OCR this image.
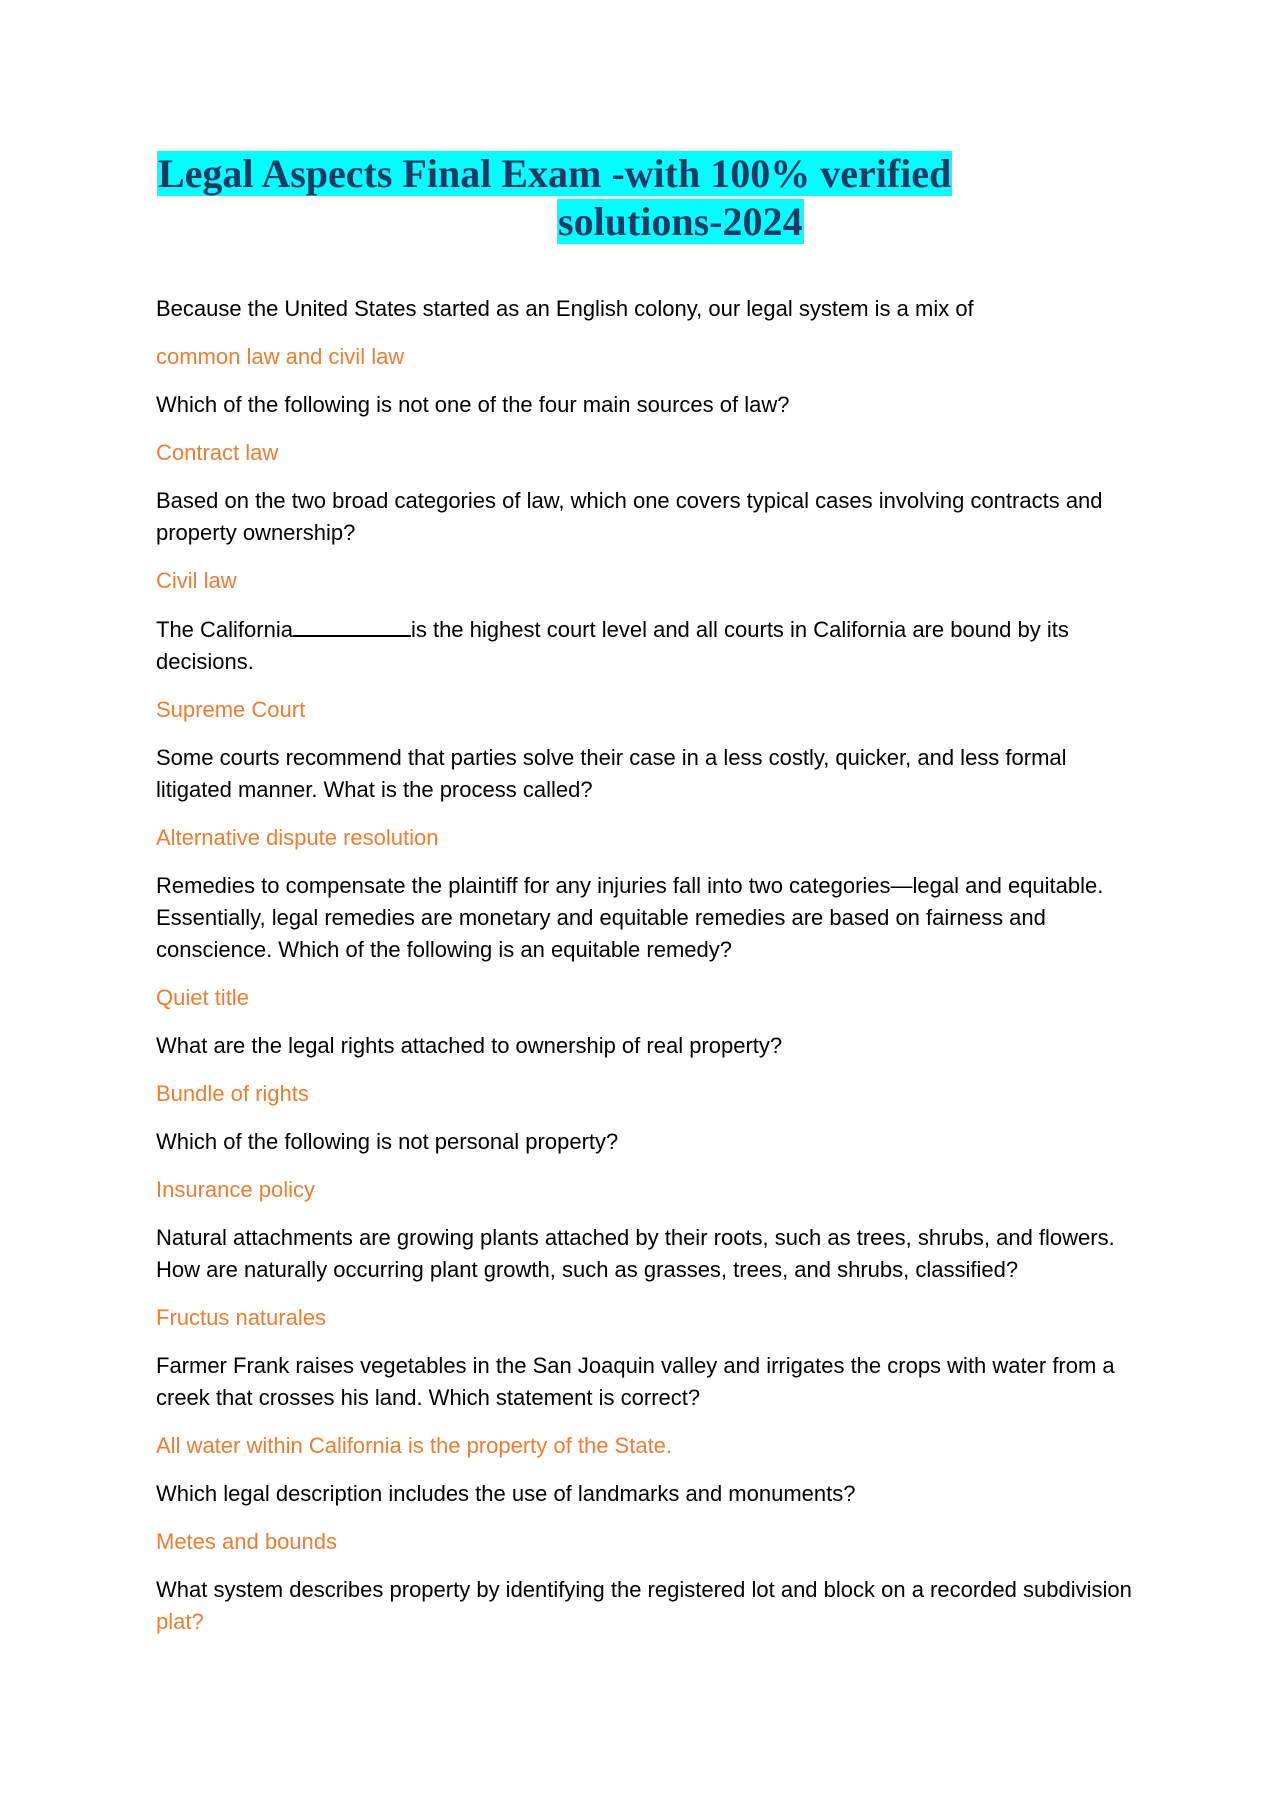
Legal Aspects Final Exam -with 100% verified
solutions-2024

Because the United States started as an English colony, our legal system is a mix of

common law and civil law

Which of the following is not one of the four main sources of law?

Contract law

Based on the two broad categories of law, which one covers typical cases involving contracts and property ownership?

Civil law

The California	is the highest court level and all courts in California are bound by its decisions.

Supreme Court

Some courts recommend that parties solve their case in a less costly, quicker, and less formal litigated manner. What is the process called?

Alternative dispute resolution

Remedies to compensate the plaintiff for any injuries fall into two categories—legal and equitable. Essentially, legal remedies are monetary and equitable remedies are based on fairness and conscience. Which of the following is an equitable remedy?

Quiet title

What are the legal rights attached to ownership of real property?

Bundle of rights

Which of the following is not personal property?

Insurance policy

Natural attachments are growing plants attached by their roots, such as trees, shrubs, and flowers. How are naturally occurring plant growth, such as grasses, trees, and shrubs, classified?

Fructus naturales

Farmer Frank raises vegetables in the San Joaquin valley and irrigates the crops with water from a creek that crosses his land. Which statement is correct?

All water within California is the property of the State.

Which legal description includes the use of landmarks and monuments?

Metes and bounds

What system describes property by identifying the registered lot and block on a recorded subdivision plat?
